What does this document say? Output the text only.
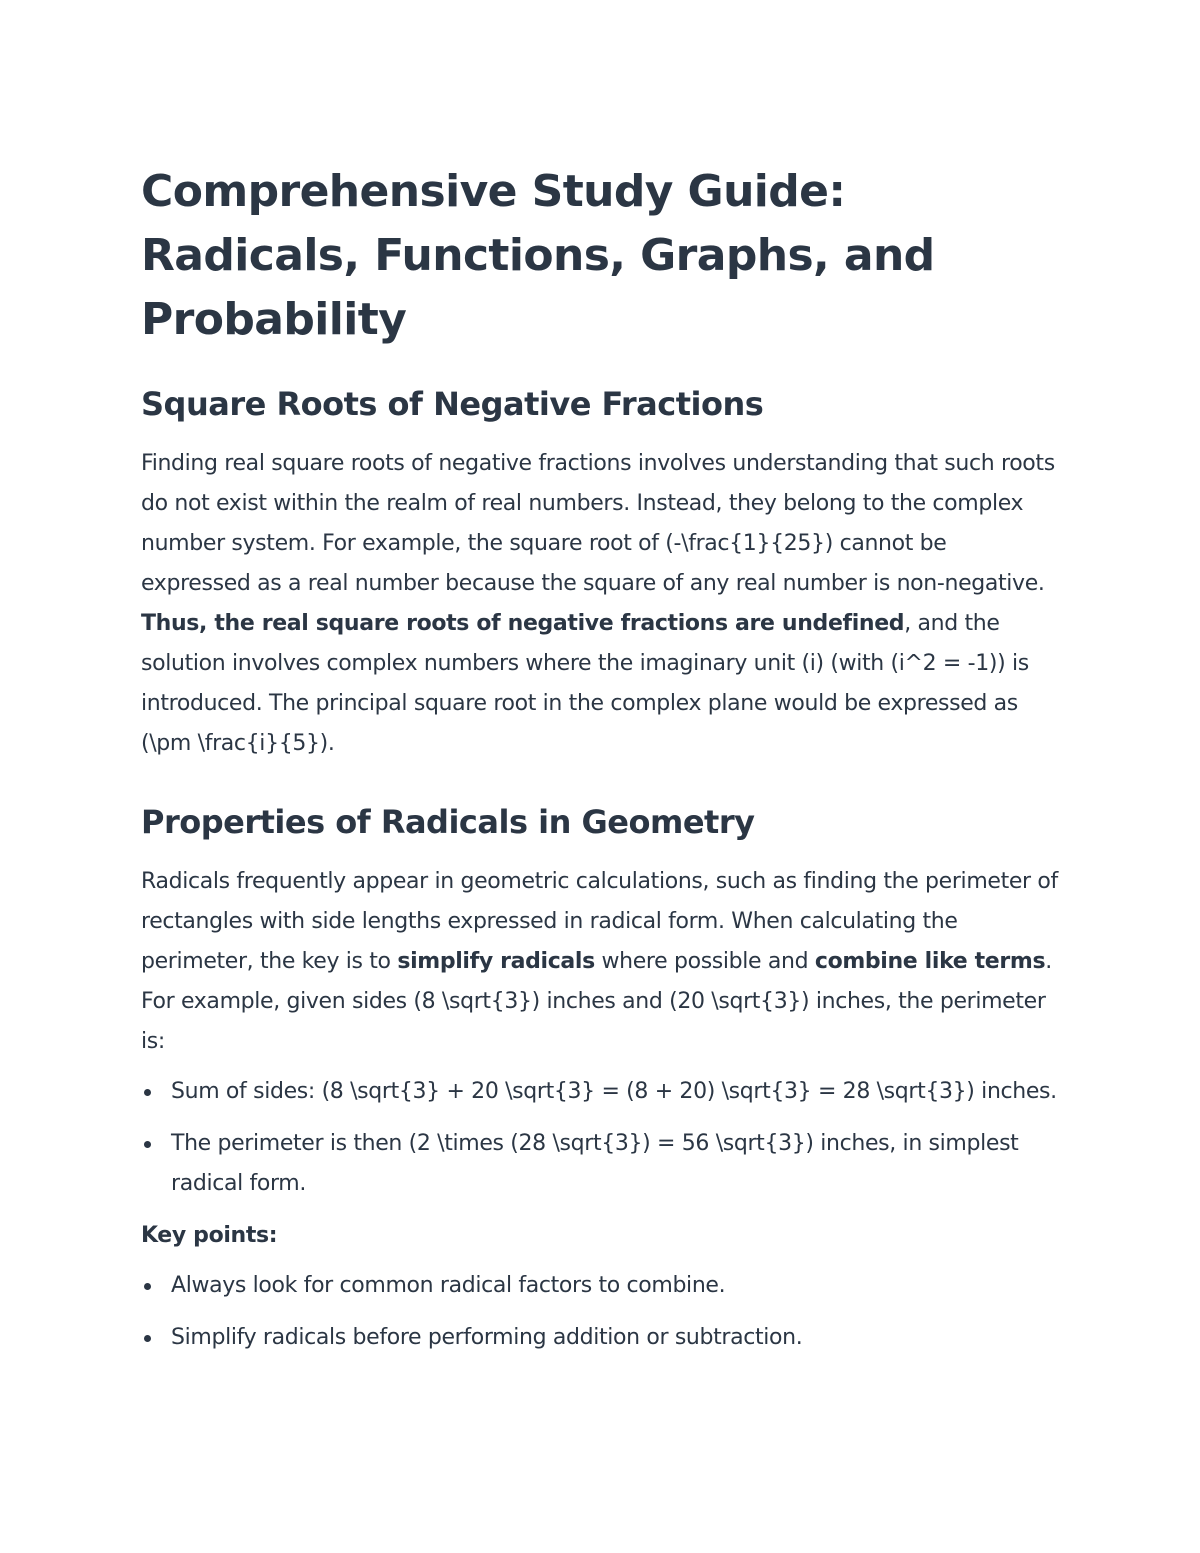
Comprehensive Study Guide: Radicals, Functions, Graphs, and Probability
Square Roots of Negative Fractions

Finding real square roots of negative fractions involves understanding that such roots do not exist within the realm of real numbers. Instead, they belong to the complex number system. For example, the square root of (-\frac{1}{25}) cannot be expressed as a real number because the square of any real number is non-negative. Thus, the real square roots of negative fractions are undefined, and the solution involves complex numbers where the imaginary unit (i) (with (i^2 = -1)) is introduced. The principal square root in the complex plane would be expressed as (\pm \frac{i}{5}).

Properties of Radicals in Geometry

Radicals frequently appear in geometric calculations, such as finding the perimeter of rectangles with side lengths expressed in radical form. When calculating the perimeter, the key is to simplify radicals where possible and combine like terms. For example, given sides (8 \sqrt{3}) inches and (20 \sqrt{3}) inches, the perimeter is:

Sum of sides: (8 \sqrt{3} + 20 \sqrt{3} = (8 + 20) \sqrt{3} = 28 \sqrt{3}) inches.
The perimeter is then (2 \times (28 \sqrt{3}) = 56 \sqrt{3}) inches, in simplest radical form.
Key points:
Always look for common radical factors to combine.
Simplify radicals before performing addition or subtraction.
